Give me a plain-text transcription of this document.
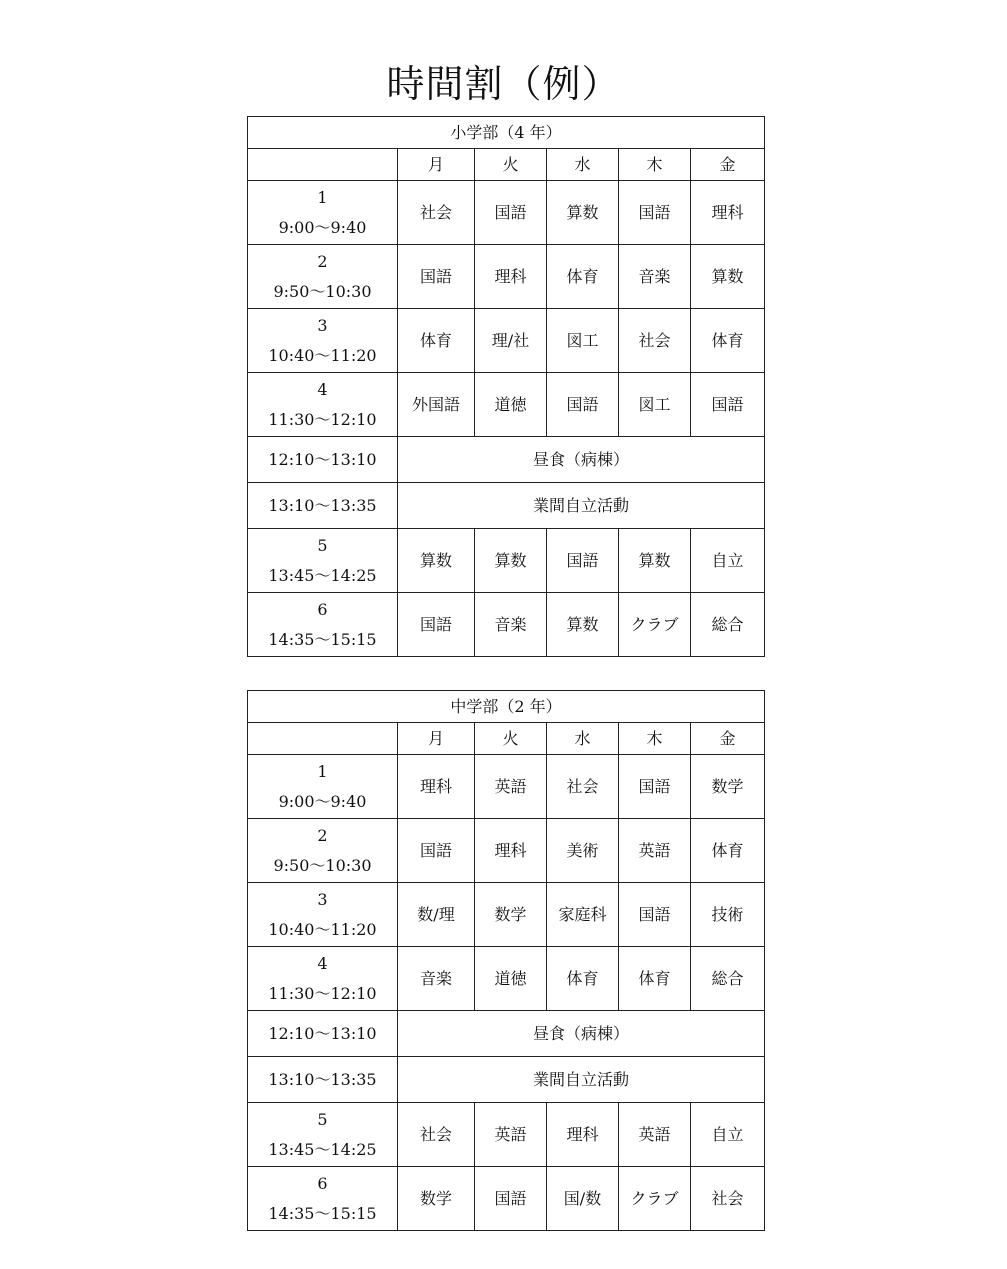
時間割（例）
小学部（4 年）					
	月	火	水	木	金

1
9:00～9:40	社会	国語	算数	国語	理科

2
9:50～10:30	国語	理科	体育	音楽	算数

3
10:40～11:20	体育	理/社	図工	社会	体育

4
11:30～12:10	外国語	道徳	国語	図工	国語
12:10～13:10	昼食（病棟）				
13:10～13:35	業間自立活動				

5
13:45～14:25	算数	算数	国語	算数	自立

6
14:35～15:15	国語	音楽	算数	クラブ	総合
中学部（2 年）					
	月	火	水	木	金

1
9:00～9:40	理科	英語	社会	国語	数学

2
9:50～10:30	国語	理科	美術	英語	体育

3
10:40～11:20	数/理	数学	家庭科	国語	技術

4
11:30～12:10	音楽	道徳	体育	体育	総合
12:10～13:10	昼食（病棟）				
13:10～13:35	業間自立活動				

5
13:45～14:25	社会	英語	理科	英語	自立

6
14:35～15:15	数学	国語	国/数	クラブ	社会
